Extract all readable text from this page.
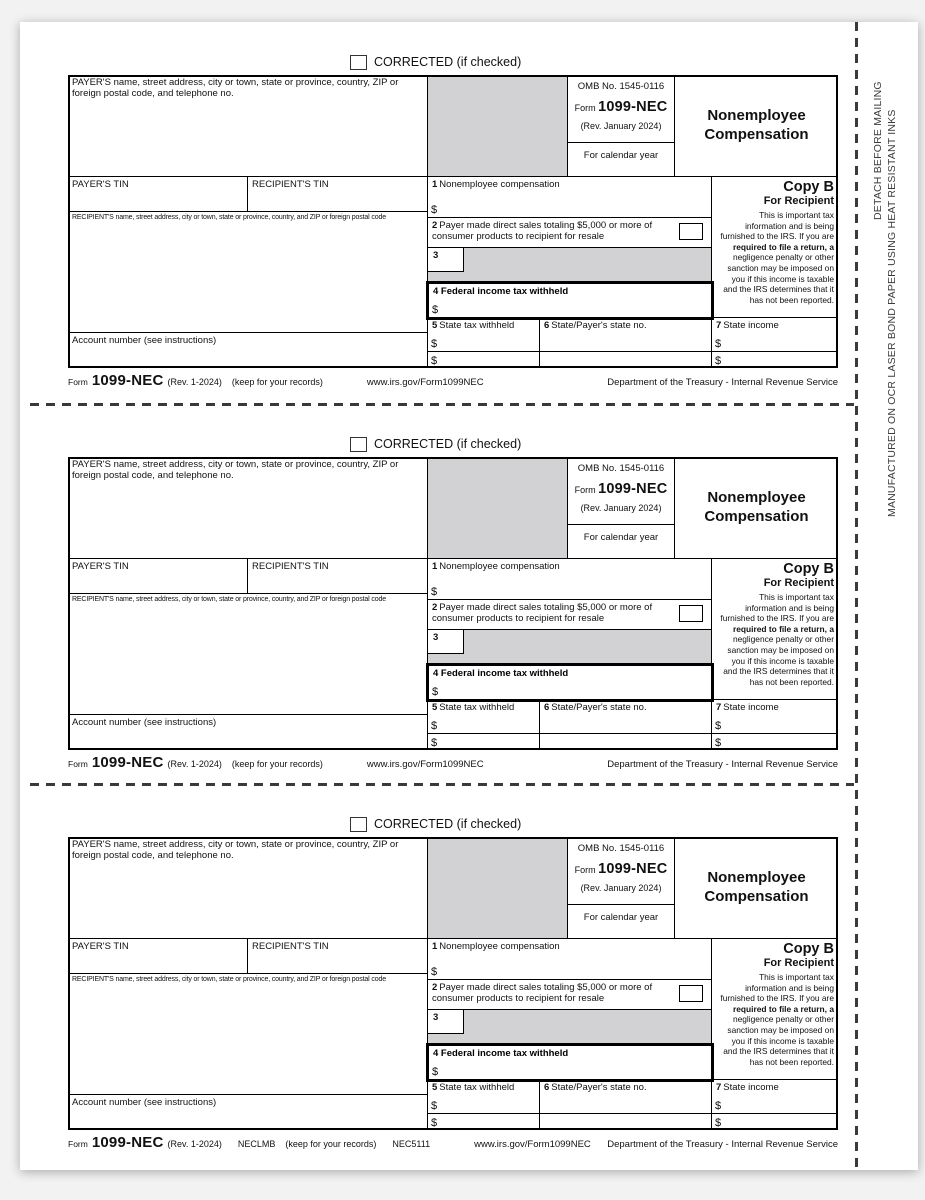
CORRECTED (if checked)
PAYER'S name, street address, city or town, state or province, country, ZIP or foreign postal code, and telephone no.
PAYER'S TIN	RECIPIENT'S TIN
RECIPIENT'S name, street address, city or town, state or province, country, and ZIP or foreign postal code
Account number (see instructions)
OMB No. 1545-0116
Form 1099-NEC
(Rev. January 2024)
For calendar year
Nonemployee
Compensation
1 Nonemployee compensation
$
2 Payer made direct sales totaling $5,000 or more of consumer products to recipient for resale
3
5 State tax withheld
$
6 State/Payer's state no.
$
Copy B
For Recipient
This is important tax information and is being furnished to the IRS. If you are required to file a return, a negligence penalty or other sanction may be imposed on you if this income is taxable and the IRS determines that it has not been reported.
7 State income
$
$
4 Federal income tax withheld
$
Form 1099-NEC (Rev. 1-2024) (keep for your records)	www.irs.gov/Form1099NEC	Department of the Treasury - Internal Revenue Service
CORRECTED (if checked)
PAYER'S name, street address, city or town, state or province, country, ZIP or foreign postal code, and telephone no.
PAYER'S TIN	RECIPIENT'S TIN
RECIPIENT'S name, street address, city or town, state or province, country, and ZIP or foreign postal code
Account number (see instructions)
OMB No. 1545-0116
Form 1099-NEC
(Rev. January 2024)
For calendar year
Nonemployee
Compensation
1 Nonemployee compensation
$
2 Payer made direct sales totaling $5,000 or more of consumer products to recipient for resale
3
5 State tax withheld
$
6 State/Payer's state no.
$
Copy B
For Recipient
This is important tax information and is being furnished to the IRS. If you are required to file a return, a negligence penalty or other sanction may be imposed on you if this income is taxable and the IRS determines that it has not been reported.
7 State income
$
$
4 Federal income tax withheld
$
Form 1099-NEC (Rev. 1-2024) (keep for your records)	www.irs.gov/Form1099NEC	Department of the Treasury - Internal Revenue Service
CORRECTED (if checked)
PAYER'S name, street address, city or town, state or province, country, ZIP or foreign postal code, and telephone no.
PAYER'S TIN	RECIPIENT'S TIN
RECIPIENT'S name, street address, city or town, state or province, country, and ZIP or foreign postal code
Account number (see instructions)
OMB No. 1545-0116
Form 1099-NEC
(Rev. January 2024)
For calendar year
Nonemployee
Compensation
1 Nonemployee compensation
$
2 Payer made direct sales totaling $5,000 or more of consumer products to recipient for resale
3
5 State tax withheld
$
6 State/Payer's state no.
$
Copy B
For Recipient
This is important tax information and is being furnished to the IRS. If you are required to file a return, a negligence penalty or other sanction may be imposed on you if this income is taxable and the IRS determines that it has not been reported.
7 State income
$
$
4 Federal income tax withheld
$
Form 1099-NEC (Rev. 1-2024) NECLMB (keep for your records) NEC5111	www.irs.gov/Form1099NEC Department of the Treasury - Internal Revenue Service
DETACH BEFORE MAILING MANUFACTURED ON OCR LASER BOND PAPER USING HEAT RESISTANT INKS
